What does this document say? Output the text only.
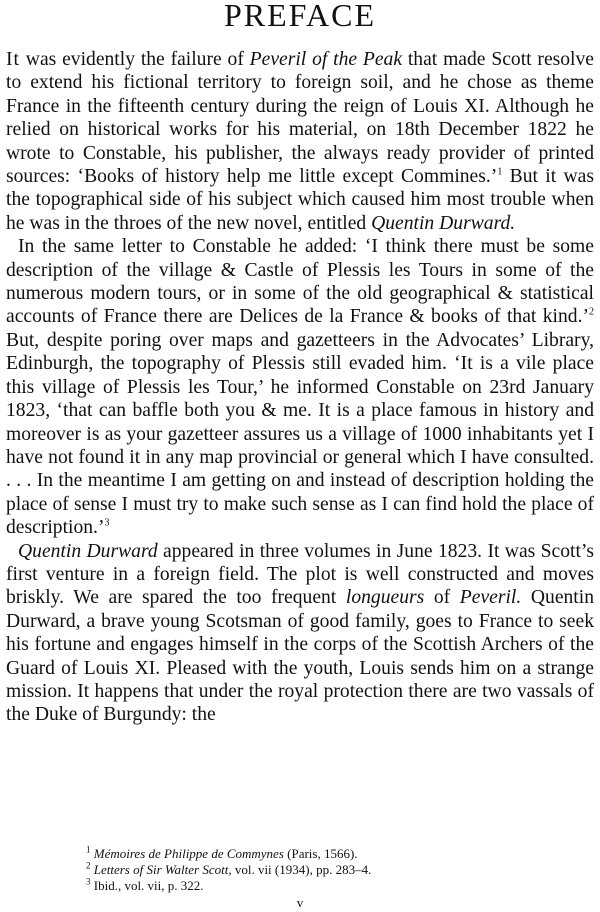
PREFACE

It was evidently the failure of Peveril of the Peak that made Scott resolve to extend his fictional territory to foreign soil, and he chose as theme France in the fifteenth century during the reign of Louis XI. Although he relied on historical works for his material, on 18th December 1822 he wrote to Constable, his publisher, the always ready provider of printed sources: ‘Books of history help me little except Commines.’$^1$ But it was the topographical side of his subject which caused him most trouble when he was in the throes of the new novel, entitled Quentin Durward.

In the same letter to Constable he added: ‘I think there must be some description of the village & Castle of Plessis les Tours in some of the numerous modern tours, or in some of the old geographical & statistical accounts of France there are Delices de la France & books of that kind.’$^2$ But, despite poring over maps and gazetteers in the Advocates’ Library, Edinburgh, the topography of Plessis still evaded him. ‘It is a vile place this village of Plessis les Tour,’ he informed Constable on 23rd January 1823, ‘that can baffle both you & me. It is a place famous in history and moreover is as your gazetteer assures us a village of 1000 inhabitants yet I have not found it in any map provincial or general which I have consulted. . . . In the meantime I am getting on and instead of description holding the place of sense I must try to make such sense as I can find hold the place of description.’$^3$

Quentin Durward appeared in three volumes in June 1823. It was Scott’s first venture in a foreign field. The plot is well constructed and moves briskly. We are spared the too frequent longueurs of Peveril. Quentin Durward, a brave young Scotsman of good family, goes to France to seek his fortune and engages himself in the corps of the Scottish Archers of the Guard of Louis XI. Pleased with the youth, Louis sends him on a strange mission. It happens that under the royal protection there are two vassals of the Duke of Burgundy: the

$^1$ Mémoires de Philippe de Commynes (Paris, 1566).
$^2$ Letters of Sir Walter Scott, vol. vii (1934), pp. 283–4.
$^3$ Ibid., vol. vii, p. 322.
v
